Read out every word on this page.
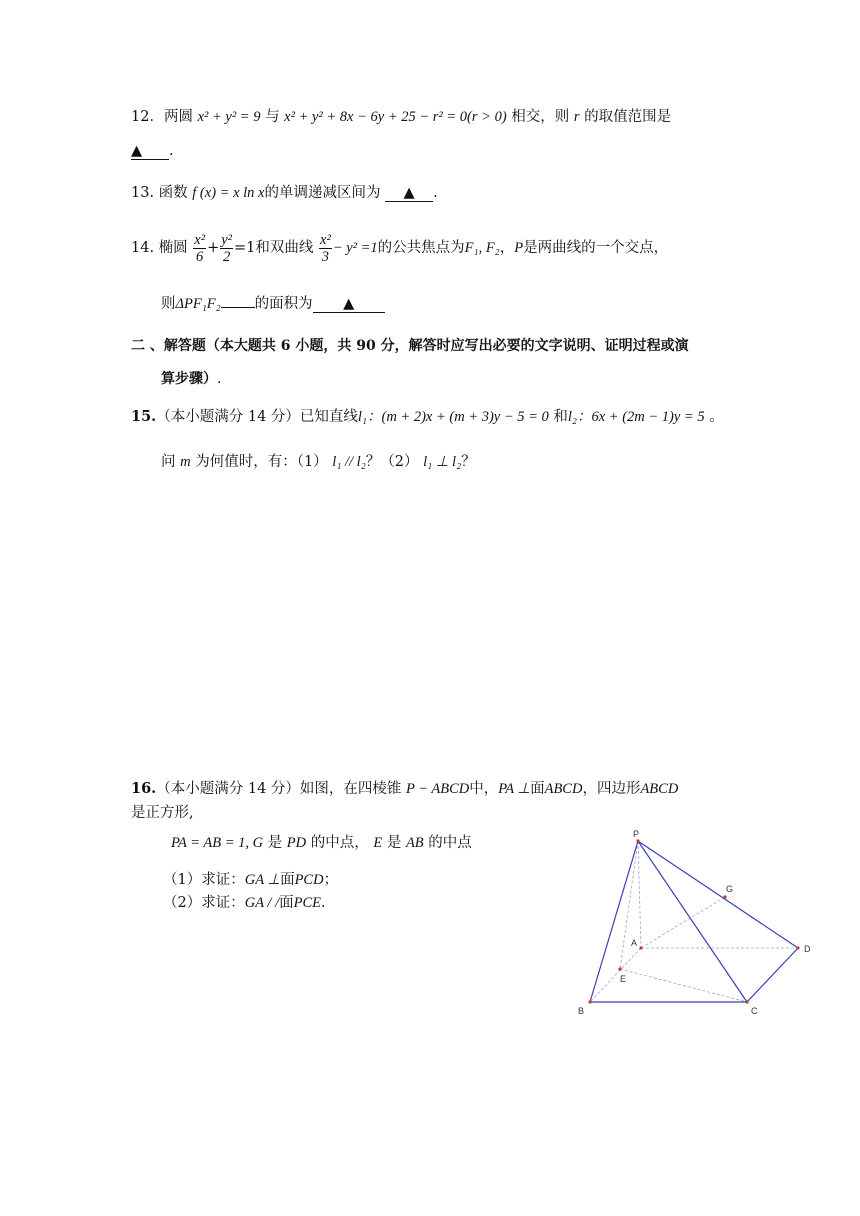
12．两圆 x² + y² = 9 与 x² + y² + 8x − 6y + 25 − r² = 0(r > 0) 相交，则 r 的取值范围是
▲ .
13. 函数 f (x) = x ln x的单调递减区间为 ▲ .
14. 椭圆 $\frac{\text{x²}}{6} + \frac{\text{y²}}{2} =1$和双曲线 $\frac{\text{x²}}{3} - y^2 =1$的公共焦点为F₁, F₂，P是两曲线的一个交点，
则ΔPF₁F₂ 的面积为 ▲
二 、解答题（本大题共 6 小题，共 90 分，解答时应写出必要的文字说明、证明过程或演
算步骤）.
15.（本小题满分 14 分）已知直线l₁：(m + 2)x + (m + 3)y − 5 = 0 和l₂：6x + (2m − 1)y = 5 。
问 m 为何值时，有：（1） l₁ // l₂？（2） l₁ ⊥ l₂？
16.（本小题满分 14 分）如图，在四棱锥 P − ABCD中，PA ⊥面ABCD，四边形ABCD
是正方形,
PA = AB = 1, G 是 PD 的中点， E 是 AB 的中点
（1）求证：GA ⊥面PCD；
（2）求证：GA / /面PCE.
P
G
A
D
E
B	C
